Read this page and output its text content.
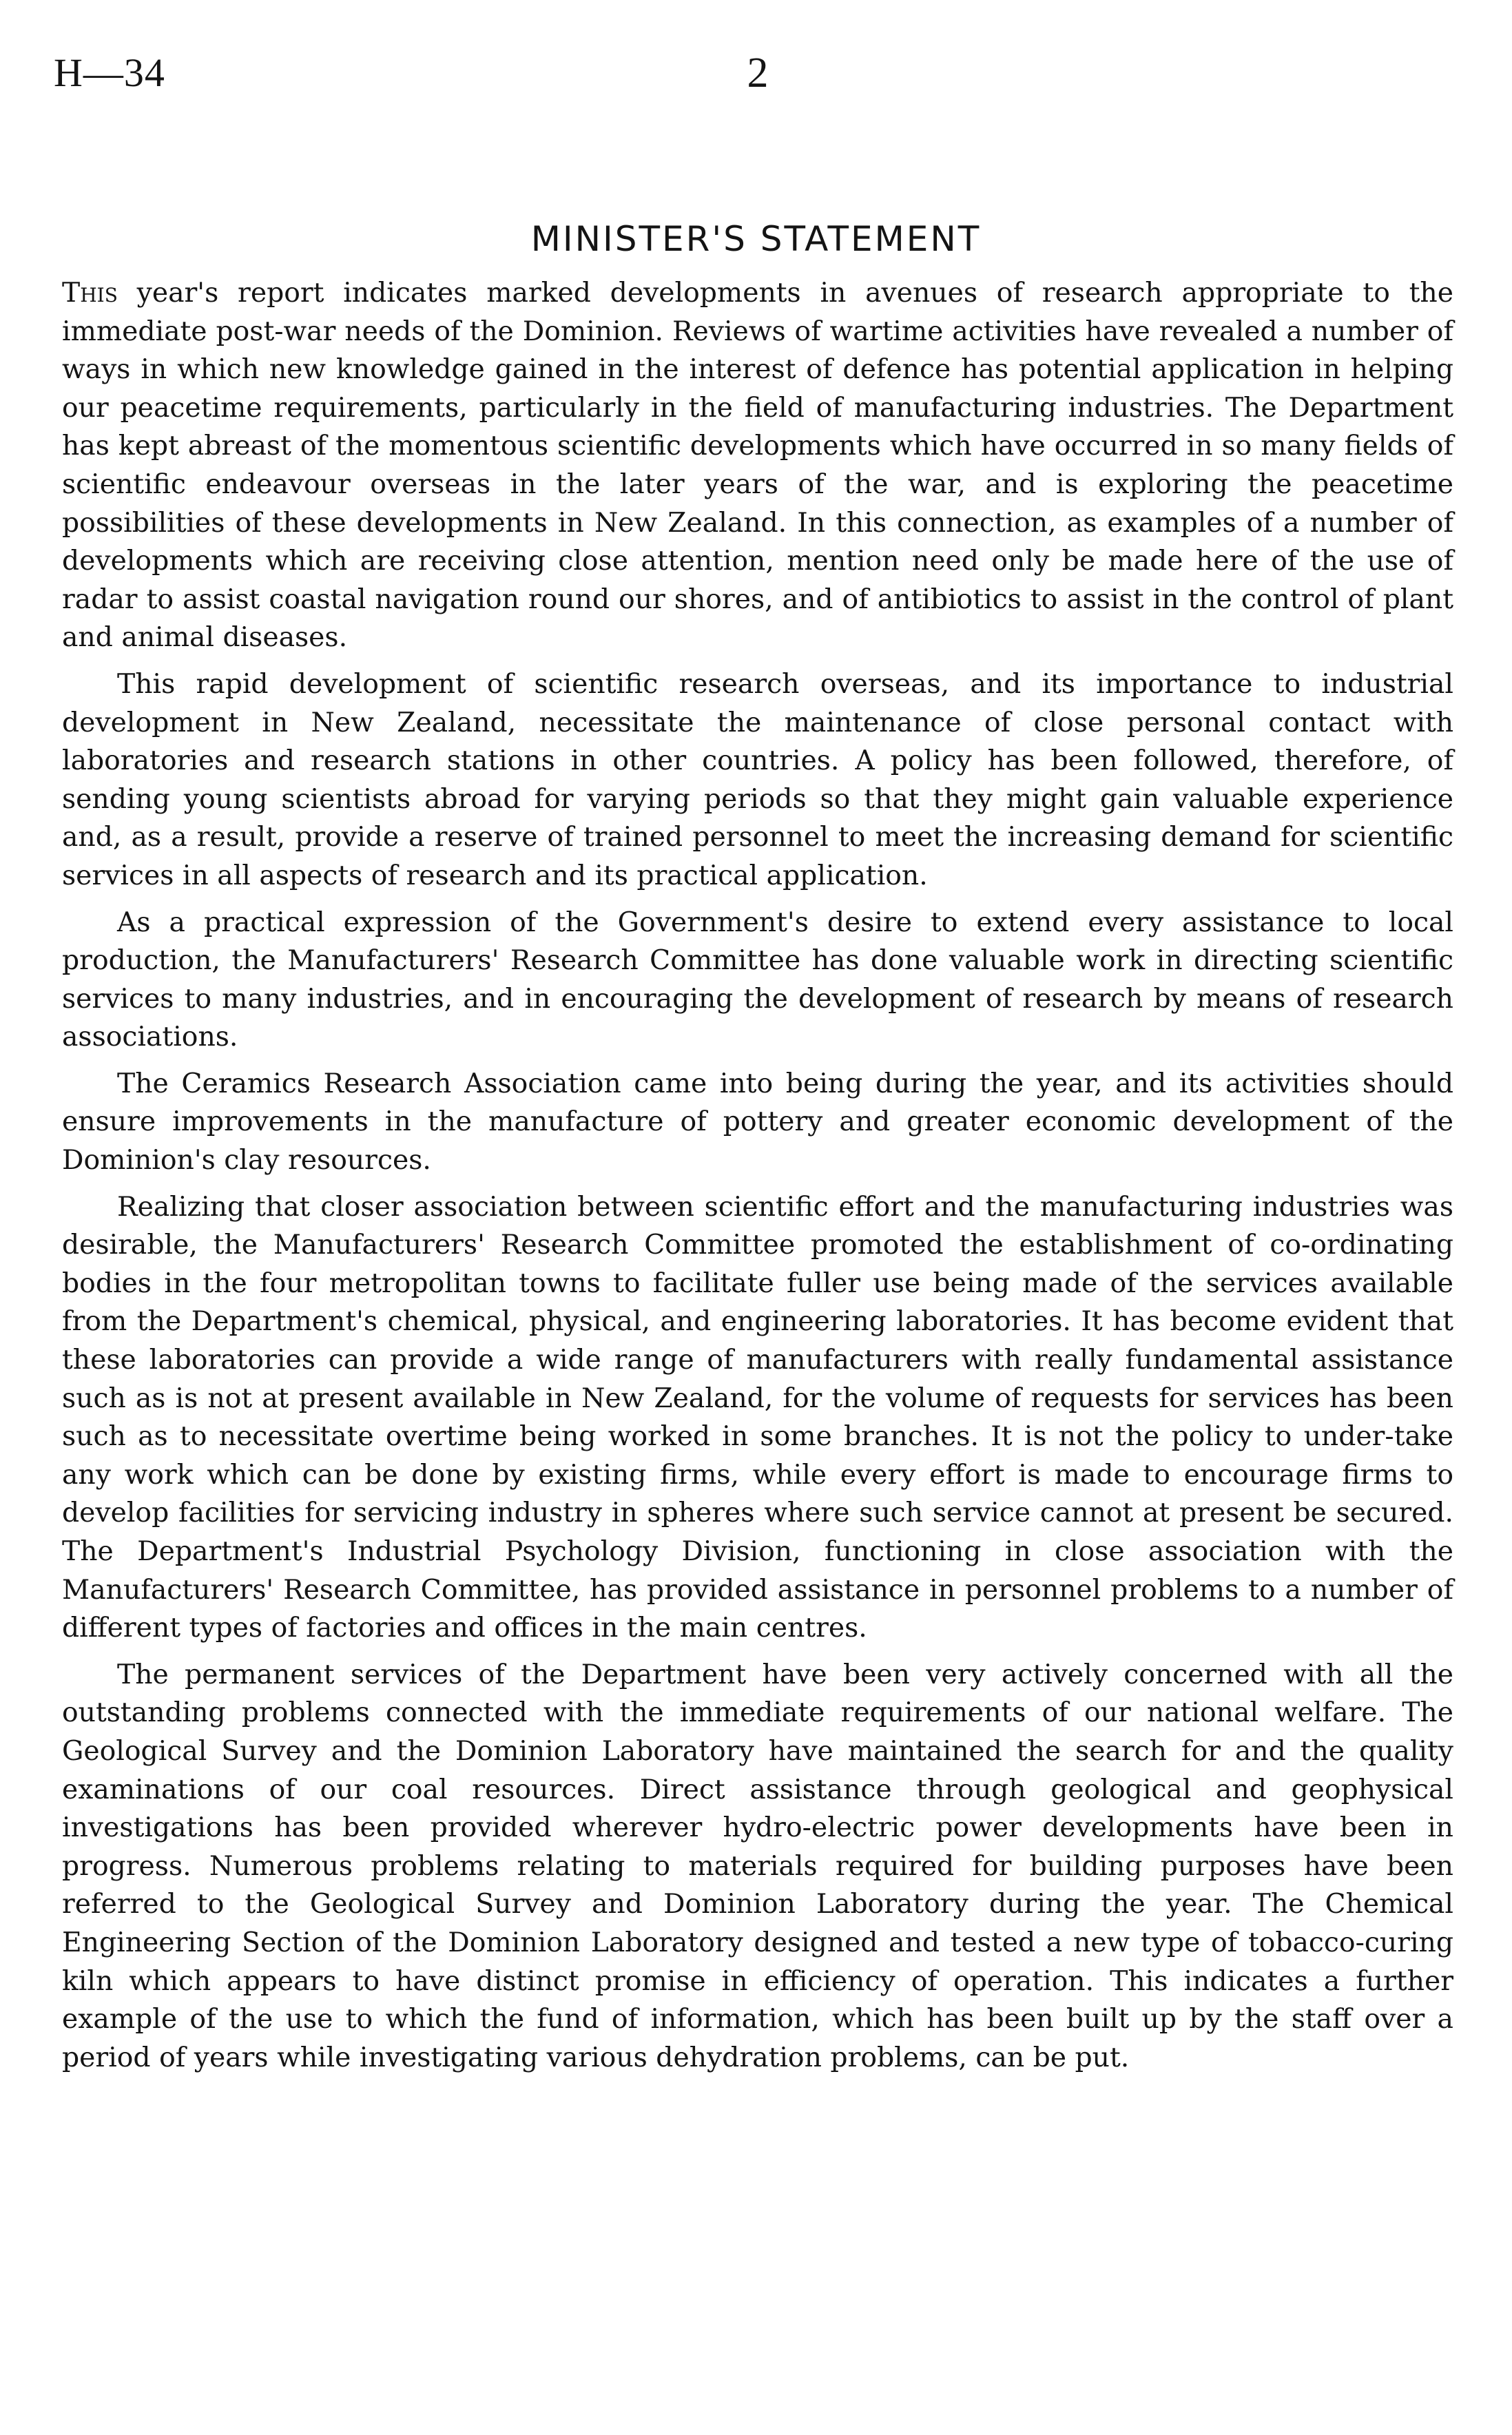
H—34	2
MINISTER'S STATEMENT

This year's report indicates marked developments in avenues of research appropriate to the immediate post-war needs of the Dominion. Reviews of wartime activities have revealed a number of ways in which new knowledge gained in the interest of defence has potential application in helping our peacetime requirements, particularly in the field of manufacturing industries. The Department has kept abreast of the momentous scientific developments which have occurred in so many fields of scientific endeavour overseas in the later years of the war, and is exploring the peacetime possibilities of these developments in New Zealand. In this connection, as examples of a number of developments which are receiving close attention, mention need only be made here of the use of radar to assist coastal navigation round our shores, and of antibiotics to assist in the control of plant and animal diseases.

This rapid development of scientific research overseas, and its importance to industrial development in New Zealand, necessitate the maintenance of close personal contact with laboratories and research stations in other countries. A policy has been followed, therefore, of sending young scientists abroad for varying periods so that they might gain valuable experience and, as a result, provide a reserve of trained personnel to meet the increasing demand for scientific services in all aspects of research and its practical application.

As a practical expression of the Government's desire to extend every assistance to local production, the Manufacturers' Research Committee has done valuable work in directing scientific services to many industries, and in encouraging the development of research by means of research associations.

The Ceramics Research Association came into being during the year, and its activities should ensure improvements in the manufacture of pottery and greater economic development of the Dominion's clay resources.

Realizing that closer association between scientific effort and the manufacturing industries was desirable, the Manufacturers' Research Committee promoted the establishment of co-ordinating bodies in the four metropolitan towns to facilitate fuller use being made of the services available from the Department's chemical, physical, and engineering laboratories. It has become evident that these laboratories can provide a wide range of manufacturers with really fundamental assistance such as is not at present available in New Zealand, for the volume of requests for services has been such as to necessitate overtime being worked in some branches. It is not the policy to under-take any work which can be done by existing firms, while every effort is made to encourage firms to develop facilities for servicing industry in spheres where such service cannot at present be secured. The Department's Industrial Psychology Division, functioning in close association with the Manufacturers' Research Committee, has provided assistance in personnel problems to a number of different types of factories and offices in the main centres.

The permanent services of the Department have been very actively concerned with all the outstanding problems connected with the immediate requirements of our national welfare. The Geological Survey and the Dominion Laboratory have maintained the search for and the quality examinations of our coal resources. Direct assistance through geological and geophysical investigations has been provided wherever hydro-electric power developments have been in progress. Numerous problems relating to materials required for building purposes have been referred to the Geological Survey and Dominion Laboratory during the year. The Chemical Engineering Section of the Dominion Laboratory designed and tested a new type of tobacco-curing kiln which appears to have distinct promise in efficiency of operation. This indicates a further example of the use to which the fund of information, which has been built up by the staff over a period of years while investigating various dehydration problems, can be put.
